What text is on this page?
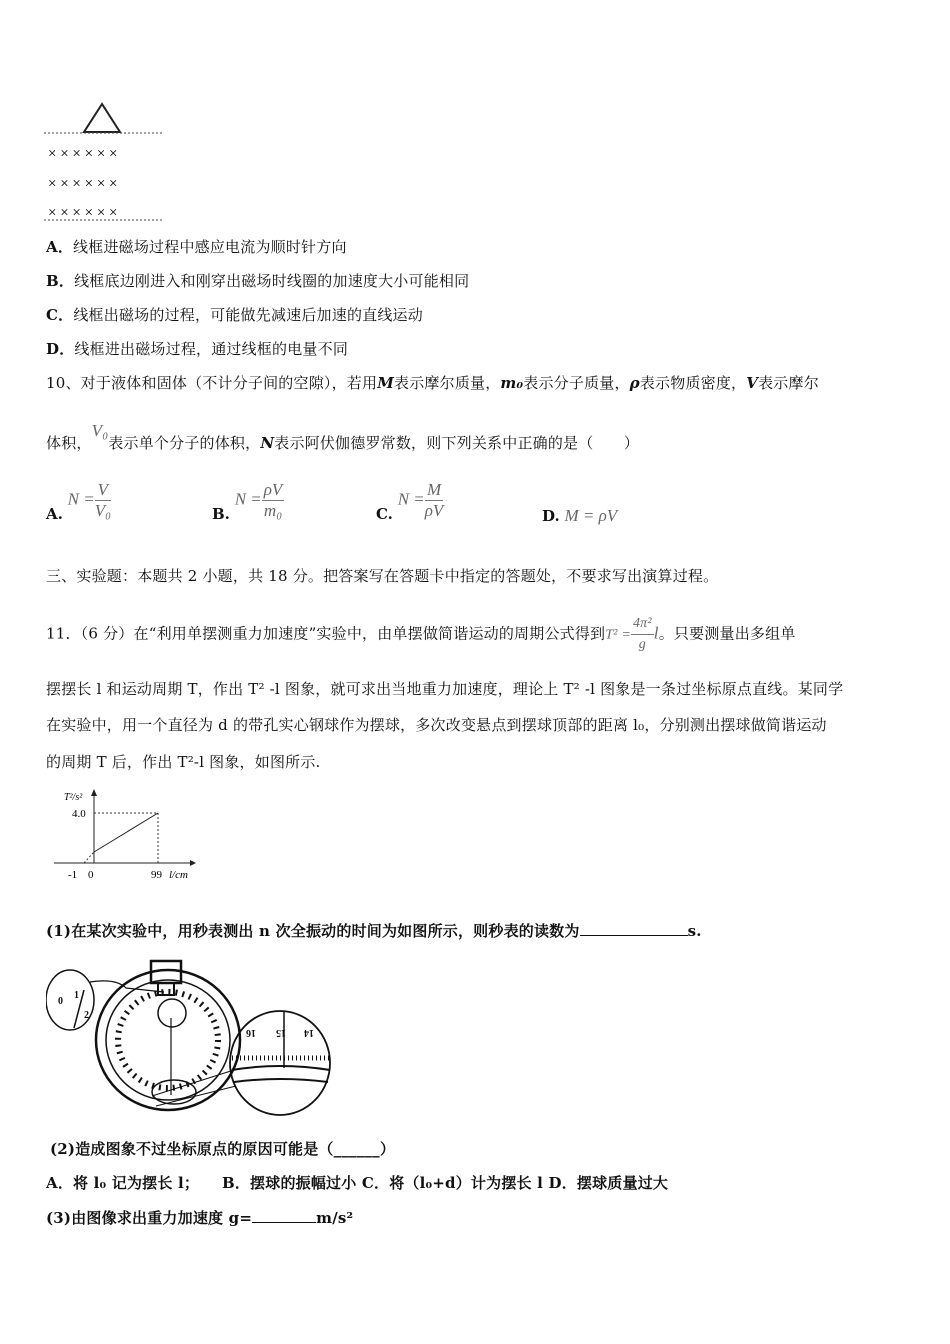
× × × × × ×
× × × × × ×
× × × × × ×
A．线框进磁场过程中感应电流为顺时针方向
B．线框底边刚进入和刚穿出磁场时线圈的加速度大小可能相同
C．线框出磁场的过程，可能做先减速后加速的直线运动
D．线框进出磁场过程，通过线框的电量不同
10、对于液体和固体（不计分子间的空隙），若用M表示摩尔质量，m₀表示分子质量，ρ表示物质密度，V表示摩尔
体积，V₀表示单个分子的体积，N表示阿伏伽德罗常数，则下列关系中正确的是（　　）
A. $N = \frac{V}{\text{V₀}}$	B. $N = \frac{\rho V}{\text{m₀}}$	C. $N = \frac{M}{\rho V}$	D. M = ρV
三、实验题：本题共 2 小题，共 18 分。把答案写在答题卡中指定的答题处，不要求写出演算过程。
11．（6 分）在“利用单摆测重力加速度”实验中，由单摆做简谐运动的周期公式得到$T^2 = \frac{\text{4π²}}{g}$ l。只要测量出多组单
摆摆长 l 和运动周期 T，作出 T² -l 图象，就可求出当地重力加速度，理论上 T² -l 图象是一条过坐标原点直线。某同学
在实验中，用一个直径为 d 的带孔实心钢球作为摆球，多次改变悬点到摆球顶部的距离 l₀，分别测出摆球做简谐运动
的周期 T 后，作出 T²-l 图象，如图所示.
T²/s²
4.0
-1 0	99 l/cm
(1)在某次实验中，用秒表测出 n 次全振动的时间为如图所示，则秒表的读数为	s.
0
1
2
16 15 14
(2)造成图象不过坐标原点的原因可能是（______）
A．将 l₀ 记为摆长 l；　　B．摆球的振幅过小 C．将（l₀+d）计为摆长 l D．摆球质量过大
(3)由图像求出重力加速度 g=	m/s²
